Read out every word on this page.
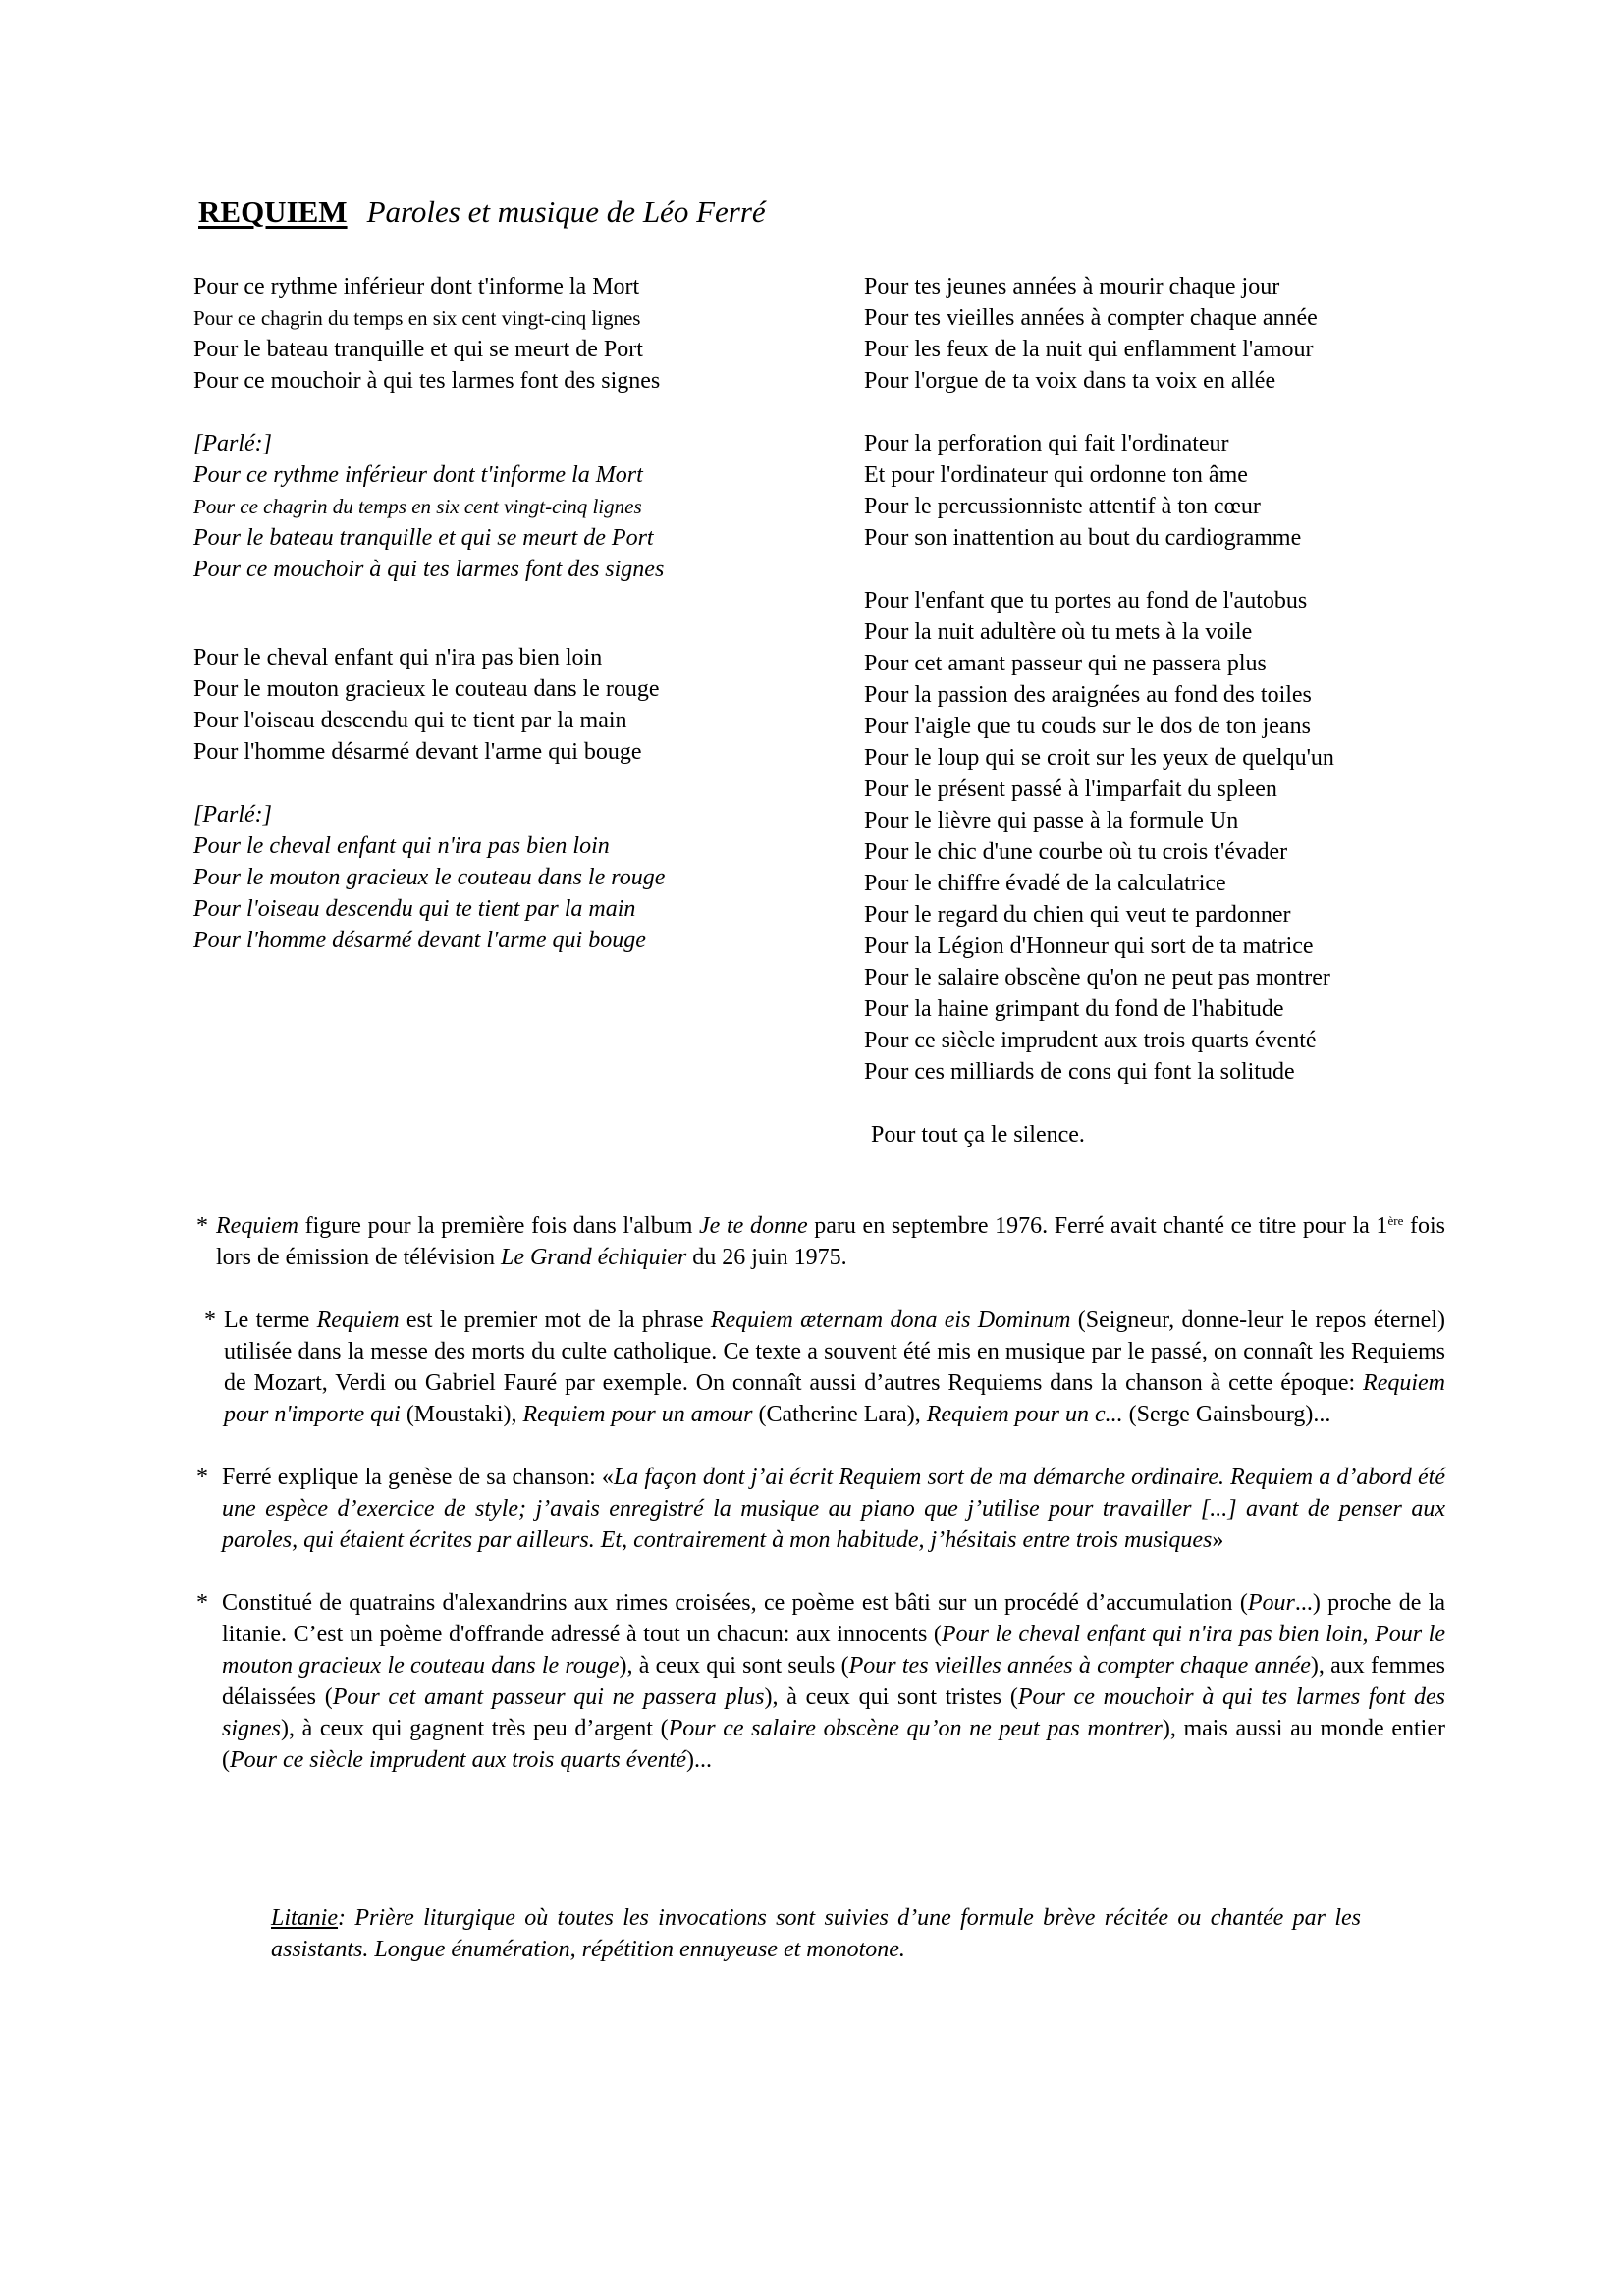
REQUIEM Paroles et musique de Léo Ferré
Pour ce rythme inférieur dont t'informe la Mort
Pour ce chagrin du temps en six cent vingt-cinq lignes
Pour le bateau tranquille et qui se meurt de Port
Pour ce mouchoir à qui tes larmes font des signes
[Parlé:]
Pour ce rythme inférieur dont t'informe la Mort
Pour ce chagrin du temps en six cent vingt-cinq lignes
Pour le bateau tranquille et qui se meurt de Port
Pour ce mouchoir à qui tes larmes font des signes
Pour le cheval enfant qui n'ira pas bien loin
Pour le mouton gracieux le couteau dans le rouge
Pour l'oiseau descendu qui te tient par la main
Pour l'homme désarmé devant l'arme qui bouge
[Parlé:]
Pour le cheval enfant qui n'ira pas bien loin
Pour le mouton gracieux le couteau dans le rouge
Pour l'oiseau descendu qui te tient par la main
Pour l'homme désarmé devant l'arme qui bouge
Pour tes jeunes années à mourir chaque jour
Pour tes vieilles années à compter chaque année
Pour les feux de la nuit qui enflamment l'amour
Pour l'orgue de ta voix dans ta voix en allée
Pour la perforation qui fait l'ordinateur
Et pour l'ordinateur qui ordonne ton âme
Pour le percussionniste attentif à ton cœur
Pour son inattention au bout du cardiogramme
Pour l'enfant que tu portes au fond de l'autobus
Pour la nuit adultère où tu mets à la voile
Pour cet amant passeur qui ne passera plus
Pour la passion des araignées au fond des toiles
Pour l'aigle que tu couds sur le dos de ton jeans
Pour le loup qui se croit sur les yeux de quelqu'un
Pour le présent passé à l'imparfait du spleen
Pour le lièvre qui passe à la formule Un
Pour le chic d'une courbe où tu crois t'évader
Pour le chiffre évadé de la calculatrice
Pour le regard du chien qui veut te pardonner
Pour la Légion d'Honneur qui sort de ta matrice
Pour le salaire obscène qu'on ne peut pas montrer
Pour la haine grimpant du fond de l'habitude
Pour ce siècle imprudent aux trois quarts éventé
Pour ces milliards de cons qui font la solitude
Pour tout ça le silence.
* Requiem figure pour la première fois dans l'album Je te donne paru en septembre 1976. Ferré avait chanté ce titre pour la 1ère fois lors de émission de télévision Le Grand échiquier du 26 juin 1975.
* Le terme Requiem est le premier mot de la phrase Requiem æternam dona eis Dominum (Seigneur, donne-leur le repos éternel) utilisée dans la messe des morts du culte catholique. Ce texte a souvent été mis en musique par le passé, on connaît les Requiems de Mozart, Verdi ou Gabriel Fauré par exemple. On connaît aussi d’autres Requiems dans la chanson à cette époque: Requiem pour n'importe qui (Moustaki), Requiem pour un amour (Catherine Lara), Requiem pour un c... (Serge Gainsbourg)...
* Ferré explique la genèse de sa chanson: «La façon dont j’ai écrit Requiem sort de ma démarche ordinaire. Requiem a d’abord été une espèce d’exercice de style; j’avais enregistré la musique au piano que j’utilise pour travailler [...] avant de penser aux paroles, qui étaient écrites par ailleurs. Et, contrairement à mon habitude, j’hésitais entre trois musiques»
* Constitué de quatrains d'alexandrins aux rimes croisées, ce poème est bâti sur un procédé d’accumulation (Pour...) proche de la litanie. C’est un poème d'offrande adressé à tout un chacun: aux innocents (Pour le cheval enfant qui n'ira pas bien loin, Pour le mouton gracieux le couteau dans le rouge), à ceux qui sont seuls (Pour tes vieilles années à compter chaque année), aux femmes délaissées (Pour cet amant passeur qui ne passera plus), à ceux qui sont tristes (Pour ce mouchoir à qui tes larmes font des signes), à ceux qui gagnent très peu d’argent (Pour ce salaire obscène qu’on ne peut pas montrer), mais aussi au monde entier (Pour ce siècle imprudent aux trois quarts éventé)...
Litanie: Prière liturgique où toutes les invocations sont suivies d’une formule brève récitée ou chantée par les assistants. Longue énumération, répétition ennuyeuse et monotone.
